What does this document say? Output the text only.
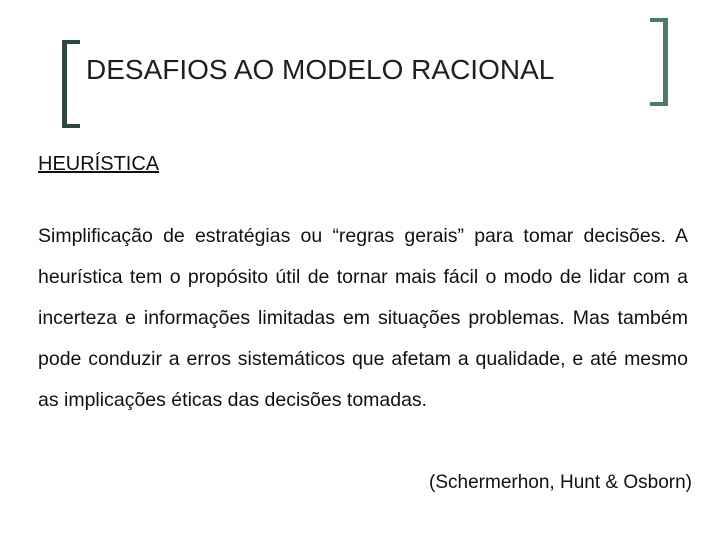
DESAFIOS AO MODELO RACIONAL
HEURÍSTICA
Simplificação de estratégias ou “regras gerais” para tomar decisões. A heurística tem o propósito útil de tornar mais fácil o modo de lidar com a incerteza e informações limitadas em situações problemas. Mas também pode conduzir a erros sistemáticos que afetam a qualidade, e até mesmo as implicações éticas das decisões tomadas.
(Schermerhon, Hunt & Osborn)
